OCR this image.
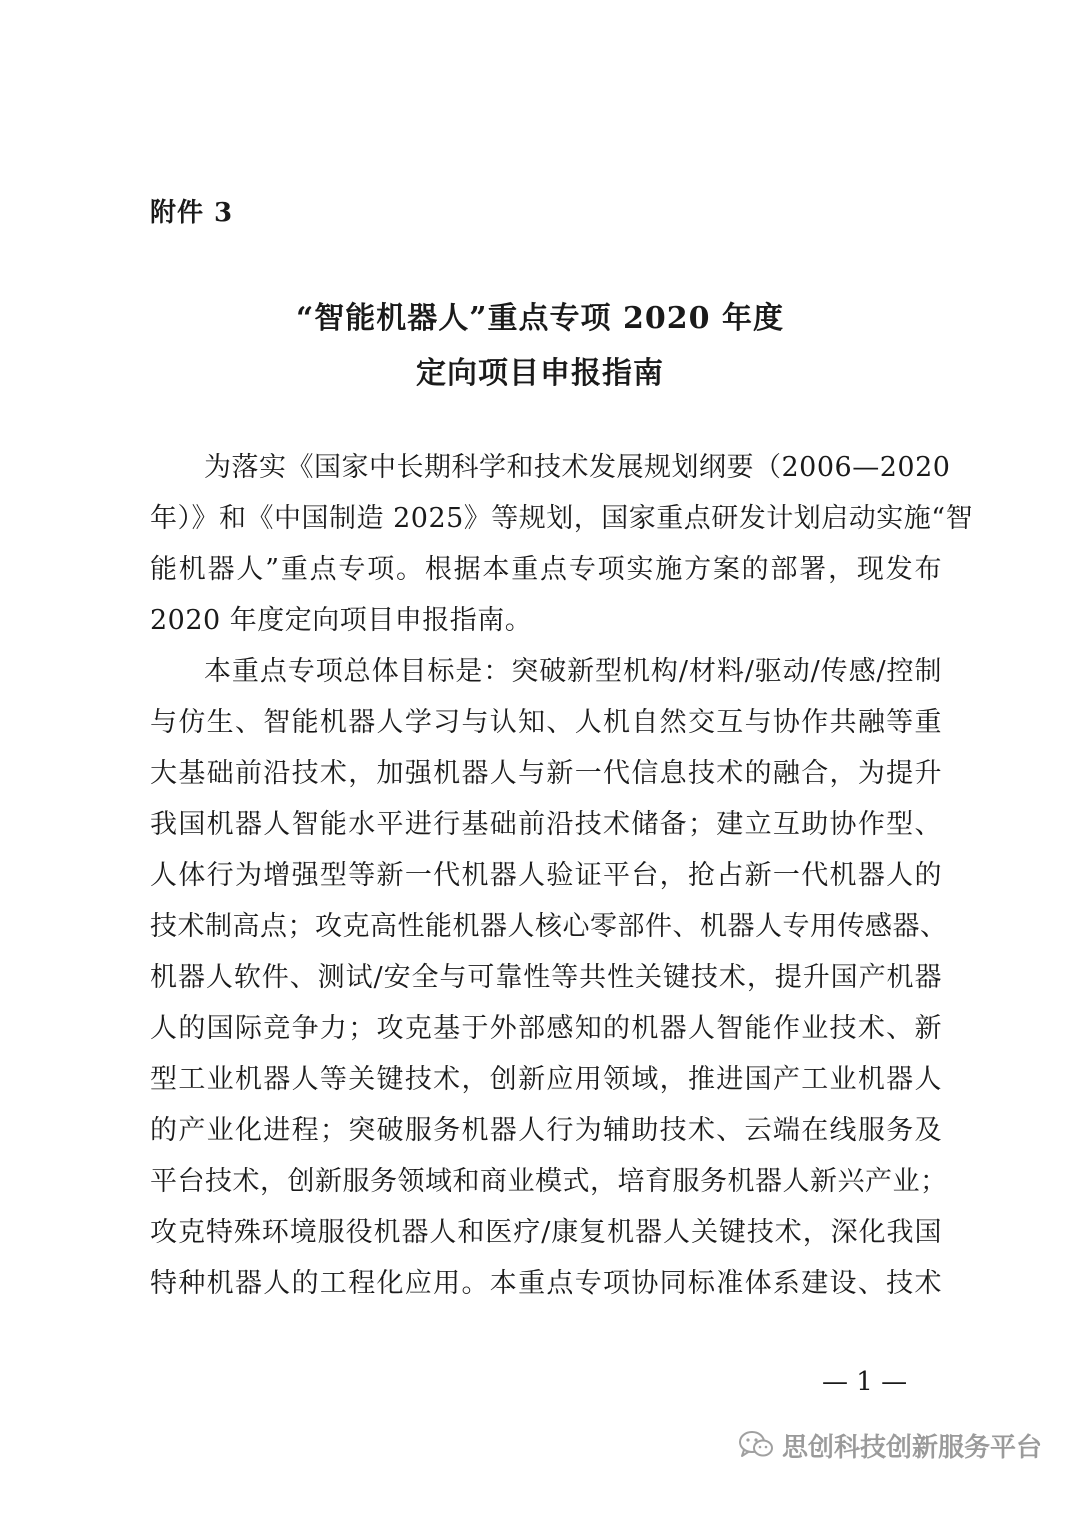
附件 3
“智能机器人”重点专项 2020 年度
定向项目申报指南
为落实《国家中长期科学和技术发展规划纲要（2006—2020
年）》和《中国制造 2025》等规划，国家重点研发计划启动实施“智
能机器人”重点专项。根据本重点专项实施方案的部署，现发布
2020 年度定向项目申报指南。
本重点专项总体目标是：突破新型机构/材料/驱动/传感/控制
与仿生、智能机器人学习与认知、人机自然交互与协作共融等重
大基础前沿技术，加强机器人与新一代信息技术的融合，为提升
我国机器人智能水平进行基础前沿技术储备；建立互助协作型、
人体行为增强型等新一代机器人验证平台，抢占新一代机器人的
技术制高点；攻克高性能机器人核心零部件、机器人专用传感器、
机器人软件、测试/安全与可靠性等共性关键技术，提升国产机器
人的国际竞争力；攻克基于外部感知的机器人智能作业技术、新
型工业机器人等关键技术，创新应用领域，推进国产工业机器人
的产业化进程；突破服务机器人行为辅助技术、云端在线服务及
平台技术，创新服务领域和商业模式，培育服务机器人新兴产业；
攻克特殊环境服役机器人和医疗/康复机器人关键技术，深化我国
特种机器人的工程化应用。本重点专项协同标准体系建设、技术
— 1 —
思创科技创新服务平台
